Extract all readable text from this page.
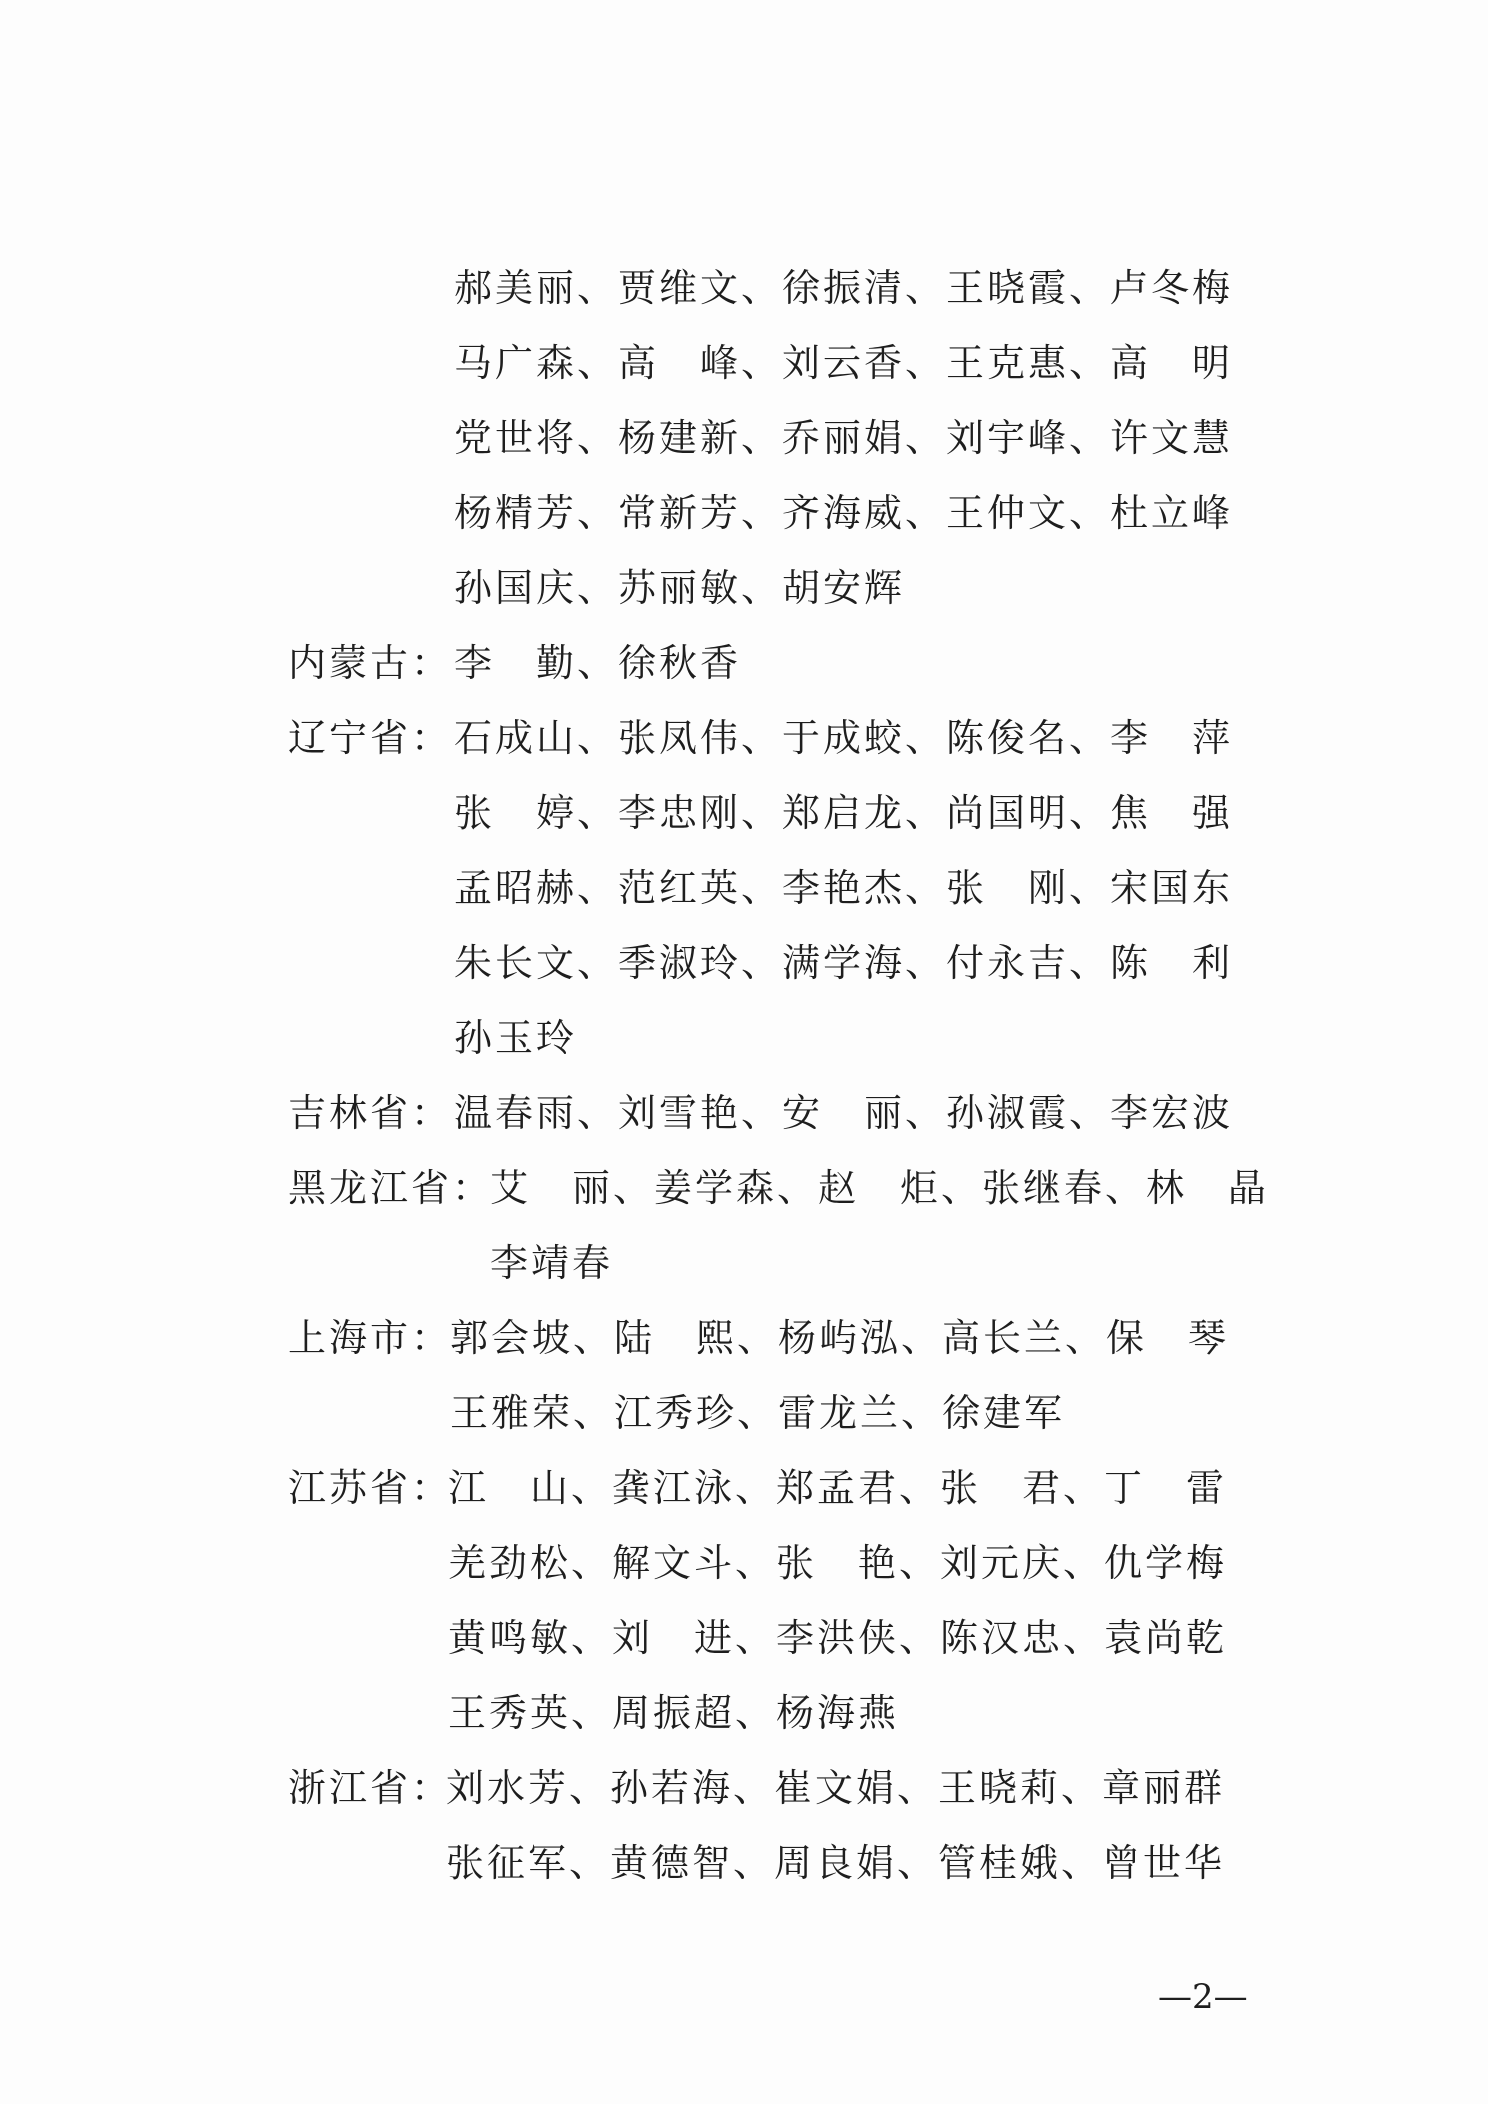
郝美丽、贾维文、徐振清、王晓霞、卢冬梅
马广森、高　峰、刘云香、王克惠、高　明
党世将、杨建新、乔丽娟、刘宇峰、许文慧
杨精芳、常新芳、齐海威、王仲文、杜立峰
孙国庆、苏丽敏、胡安辉
内蒙古： 李　勤、徐秋香
辽宁省： 石成山、张凤伟、于成蛟、陈俊名、李　萍
张　婷、李忠刚、郑启龙、尚国明、焦　强
孟昭赫、范红英、李艳杰、张　刚、宋国东
朱长文、季淑玲、满学海、付永吉、陈　利
孙玉玲
吉林省： 温春雨、刘雪艳、安　丽、孙淑霞、李宏波
黑龙江省：
艾　丽、姜学森、赵　炬、张继春、林　晶
李靖春
上海市：
郭会坡、陆　熙、杨屿泓、高长兰、保　琴
王雅荣、江秀珍、雷龙兰、徐建军
江苏省：
江　山、龚江泳、郑孟君、张　君、丁　雷
羌劲松、解文斗、张　艳、刘元庆、仇学梅
黄鸣敏、刘　进、李洪侠、陈汉忠、袁尚乾
王秀英、周振超、杨海燕
浙江省：
刘水芳、孙若海、崔文娟、王晓莉、章丽群
张征军、黄德智、周良娟、管桂娥、曾世华
—2—
